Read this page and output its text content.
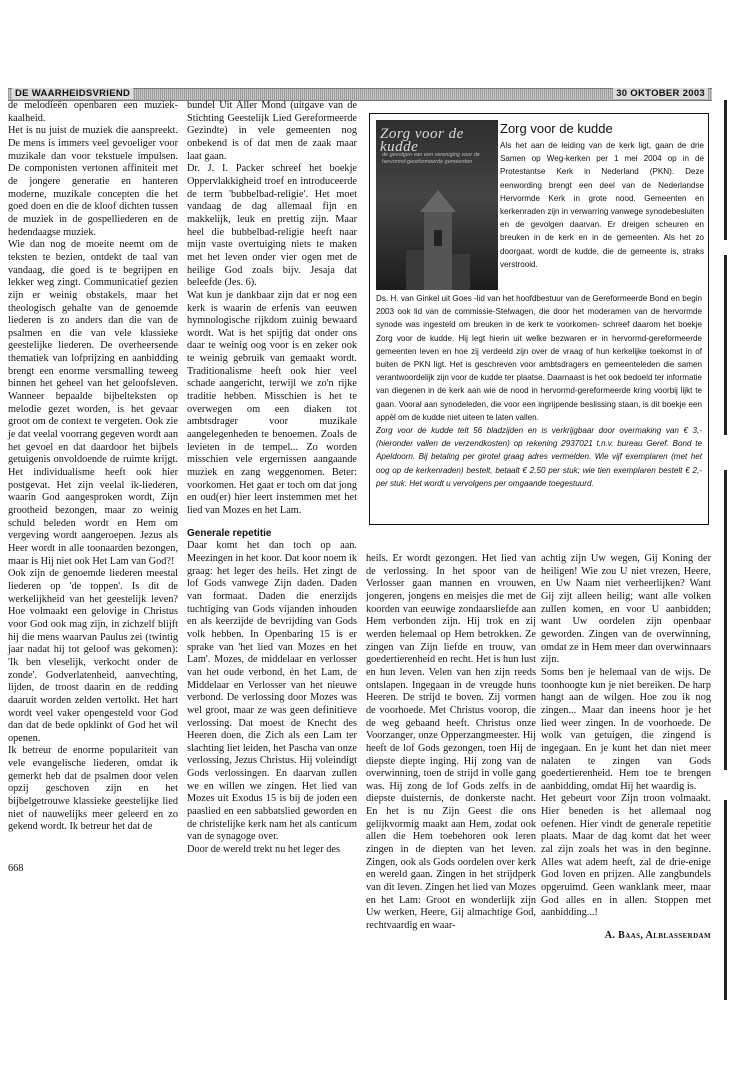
DE WAARHEIDSVRIEND	30 OKTOBER 2003

de melodieën openbaren een muziek-kaalheid.

Het is nu juist de muziek die aanspreekt. De mens is immers veel gevoeliger voor muzikale dan voor tekstuele impulsen. De componisten vertonen affiniteit met de jongere generatie en hanteren moderne, muzikale concepten die het goed doen en die de kloof dichten tussen de muziek in de gospelliederen en de hedendaagse muziek.

Wie dan nog de moeite neemt om de teksten te bezien, ontdekt de taal van vandaag, die goed is te begrijpen en lekker weg zingt. Communicatief gezien zijn er weinig obstakels, maar het theologisch gehalte van de genoemde liederen is zo anders dan die van de psalmen en die van vele klassieke geestelijke liederen. De overheersende thematiek van lofprijzing en aanbidding brengt een enorme versmalling teweeg binnen het geheel van het geloofsleven. Wanneer bepaalde bijbelteksten op melodie gezet worden, is het gevaar groot om de context te vergeten. Ook zie je dat veelal voorrang gegeven wordt aan het gevoel en dat daardoor het bijbels getuigenis onvoldoende de ruimte krijgt. Het individualisme heeft ook hier postgevat. Het zijn veelal ik-liederen, waarin God aangesproken wordt, Zijn grootheid bezongen, maar zo weinig schuld beleden wordt en Hem om vergeving wordt aangeroepen. Jezus als Heer wordt in alle toonaarden bezongen, maar is Hij niet ook Het Lam van God?!

Ook zijn de genoemde liederen meestal liederen op 'de toppen'. Is dit de werkelijkheid van het geestelijk leven? Hoe volmaakt een gelovige in Christus voor God ook mag zijn, in zichzelf blijft hij die mens waarvan Paulus zei (twintig jaar nadat hij tot geloof was gekomen): 'Ik ben vleselijk, verkocht onder de zonde'. Godverlatenheid, aanvechting, lijden, de troost daarin en de redding daaruit worden zelden vertolkt. Het hart wordt veel vaker opengesteld voor God dan dat de bede opklinkt of God het wil openen.

Ik betreur de enorme populariteit van vele evangelische liederen, omdat ik gemerkt heb dat de psalmen door velen opzij geschoven zijn en het bijbelgetrouwe klassieke geestelijke lied niet of nauwelijks meer geleerd en zo gekend wordt. Ik betreur het dat de

668

bundel Uit Aller Mond (uitgave van de Stichting Geestelijk Lied Gereformeerde Gezindte) in vele gemeenten nog onbekend is of dat men de zaak maar laat gaan.

Dr. J. I. Packer schreef het boekje Oppervlakkigheid troef en introduceerde de term 'bubbelbad-religie'. Het moet vandaag de dag allemaal fijn en makkelijk, leuk en prettig zijn. Maar heel die bubbelbad-religie heeft naar mijn vaste overtuiging niets te maken met het leven onder vier ogen met de heilige God zoals bijv. Jesaja dat beleefde (Jes. 6).

Wat kun je dankbaar zijn dat er nog een kerk is waarin de erfenis van eeuwen hymnologische rijkdom zuinig bewaard wordt. Wat is het spijtig dat onder ons daar te weinig oog voor is en zeker ook te weinig gebruik van gemaakt wordt. Traditionalisme heeft ook hier veel schade aangericht, terwijl we zo'n rijke traditie hebben. Misschien is het te overwegen om een diaken tot ambtsdrager voor muzikale aangelegenheden te benoemen. Zoals de levieten in de tempel... Zo worden misschien vele ergernissen aangaande muziek en zang weggenomen. Beter: voorkomen. Het gaat er toch om dat jong en oud(er) hier leert instemmen met het lied van Mozes en het Lam.

Generale repetitie

Daar komt het dan toch op aan. Meezingen in het koor. Dat koor noem ik graag: het leger des heils. Het zingt de lof Gods vanwege Zijn daden. Daden van formaat. Daden die enerzijds tuchtiging van Gods vijanden inhouden en als keerzijde de bevrijding van Gods volk hebben. In Openbaring 15 is er sprake van 'het lied van Mozes en het Lam'. Mozes, de middelaar en verlosser van het oude verbond, én het Lam, de Middelaar en Verlosser van het nieuwe verbond. De verlossing door Mozes was wel groot, maar ze was geen definitieve verlossing. Dat moest de Knecht des Heeren doen, die Zich als een Lam ter slachting liet leiden, het Pascha van onze verlossing, Jezus Christus. Hij voleindigt Gods verlossingen. En daarvan zullen we en willen we zingen. Het lied van Mozes uit Exodus 15 is bij de joden een paaslied en een sabbatslied geworden en de christelijke kerk nam het als canticum van de synagoge over.

Door de wereld trekt nu het leger des

Zorg voor de kudde
de gevolgen van een vereniging voor de hervormd-gereformeerde gemeenten
Zorg voor de kudde

Als het aan de leiding van de kerk ligt, gaan de drie Samen op Weg-kerken per 1 mei 2004 op in de Protestantse Kerk in Nederland (PKN). Deze eenwording brengt een deel van de Nederlandse Hervormde Kerk in grote nood. Gemeenten en kerkenraden zijn in verwarring vanwege synodebesluiten en de gevolgen daarvan. Er dreigen scheuren en breuken in de kerk en in de gemeenten. Als het zo doorgaat, wordt de kudde, die de gemeente is, straks verstrooid.

Ds. H. van Ginkel uit Goes -lid van het hoofdbestuur van de Gereformeerde Bond en begin 2003 ook lid van de commissie-Stelwagen, die door het moderamen van de hervormde synode was ingesteld om breuken in de kerk te voorkomen- schreef daarom het boekje Zorg voor de kudde. Hij legt hierin uit welke bezwaren er in hervormd-gereformeerde gemeenten leven en hoe zij verdeeld zijn over de vraag of hun kerkelijke toekomst in of buiten de PKN ligt. Het is geschreven voor ambtsdragers en gemeenteleden die samen verantwoordelijk zijn voor de kudde ter plaatse. Daarnaast is het ook bedoeld ter informatie van diegenen in de kerk aan wie de nood in hervormd-gereformeerde kring voorbij lijkt te gaan. Vooral aan synodeleden, die voor een ingrijpende beslissing staan, is dit boekje een appèl om de kudde niet uiteen te laten vallen.

Zorg voor de kudde telt 56 bladzijden en is verkrijgbaar door overmaking van € 3,- (hieronder vallen de verzendkosten) op rekening 2937021 t.n.v. bureau Geref. Bond te Apeldoorn. Bij betaling per girotel graag adres vermelden. Wie vijf exemplaren (met het oog op de kerkenraden) bestelt, betaalt € 2,50 per stuk; wie tien exemplaren bestelt € 2,- per stuk. Het wordt u vervolgens per omgaande toegestuurd.

heils. Er wordt gezongen. Het lied van de verlossing. In het spoor van de Verlosser gaan mannen en vrouwen, jongeren, jongens en meisjes die met de koorden van eeuwige zondaarsliefde aan Hem verbonden zijn. Hij trok en zij werden helemaal op Hem betrokken. Ze zingen van Zijn liefde en trouw, van goedertierenheid en recht. Het is hun lust en hun leven. Velen van hen zijn reeds ontslapen. Ingegaan in de vreugde huns Heeren. De strijd te boven. Zij vormen de voorhoede. Met Christus voorop, die de weg gebaand heeft. Christus onze Voorzanger, onze Opperzangmeester. Hij heeft de lof Gods gezongen, toen Hij de diepste diepte inging. Hij zong van de overwinning, toen de strijd in volle gang was. Hij zong de lof Gods zelfs in de diepste duisternis, de donkerste nacht. En het is nu Zijn Geest die ons gelijkvormig maakt aan Hem, zodat ook allen die Hem toebehoren ook leren zingen in de diepten van het leven. Zingen, ook als Gods oordelen over kerk en wereld gaan. Zingen in het strijdperk van dit leven. Zingen het lied van Mozes en het Lam: Groot en wonderlijk zijn Uw werken, Heere, Gij almachtige God, rechtvaardig en waar-

achtig zijn Uw wegen, Gij Koning der heiligen! Wie zou U niet vrezen, Heere, en Uw Naam niet verheerlijken? Want Gij zijt alleen heilig; want alle volken zullen komen, en voor U aanbidden; want Uw oordelen zijn openbaar geworden. Zingen van de overwinning, omdat ze in Hem meer dan overwinnaars zijn.

Soms ben je helemaal van de wijs. De toonhoogte kun je niet bereiken. De harp hangt aan de wilgen. Hoe zou ik nog zingen... Maar dan ineens hoor je het lied weer zingen. In de voorhoede. De wolk van getuigen, die zingend is ingegaan. En je kunt het dan niet meer nalaten te zingen van Gods goedertierenheid. Hem toe te brengen aanbidding, omdat Hij het waardig is.

Het gebeurt voor Zijn troon volmaakt. Hier beneden is het allemaal nog oefenen. Hier vindt de generale repetitie plaats. Maar de dag komt dat het weer zal zijn zoals het was in den beginne. Alles wat adem heeft, zal de drie-enige God loven en prijzen. Alle zangbundels opgeruimd. Geen wanklank meer, maar God alles en in allen. Stoppen met aanbidding...!

A. Baas, Alblasserdam
